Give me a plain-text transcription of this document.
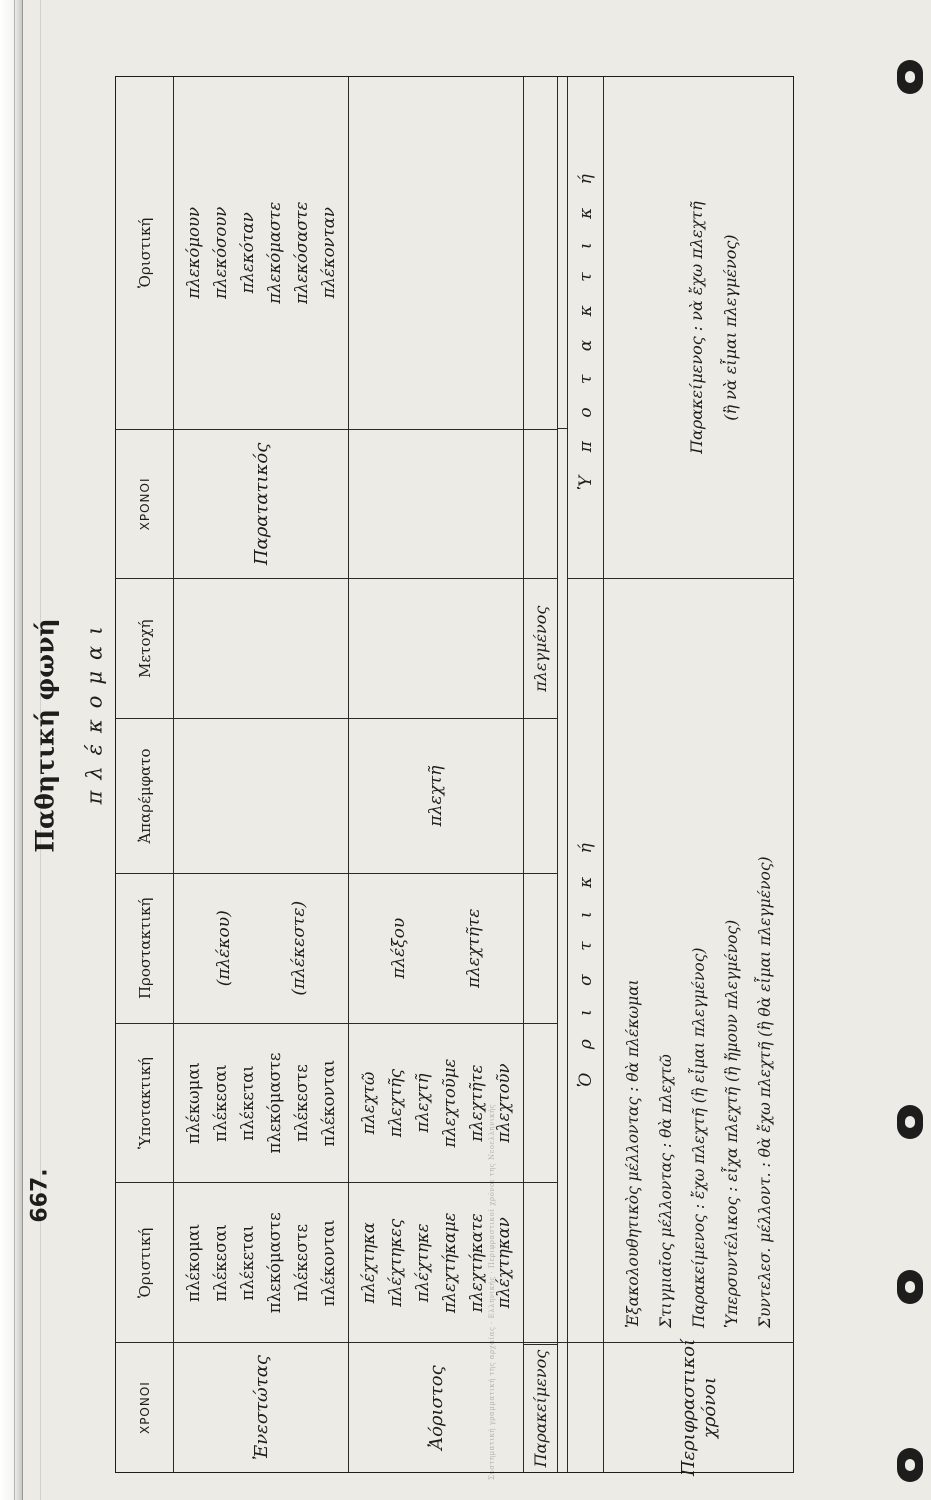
Συστηματική γραμματική της αρχαίας · Ελληνικής · Περιφραστικοί χρόνοι της Νεοελληνικής
667.
Παθητική φωνή πλέκομαι
ΧΡΟΝΟΙ
Ὁριστική
Ὑποτακτική
Προστακτική
Ἀπαρέμφατο
Μετοχή
ΧΡΟΝΟΙ
Ὁριστική
Ἐνεστώτας
πλέκομαι πλέκεσαι πλέκεται πλεκόμαστε πλέκεστε πλέκονται
πλέκωμαι πλέκεσαι πλέκεται πλεκόμαστε πλέκεστε πλέκονται
(πλέκου)	(πλέκεστε)
Παρατατικός
πλεκόμουν πλεκόσουν πλεκόταν πλεκόμαστε πλεκόσαστε πλέκονταν
Ἀόριστος
πλέχτηκα πλέχτηκες πλέχτηκε πλεχτήκαμε πλεχτήκατε πλέχτηκαν
πλεχτῶ πλεχτῆς πλεχτῆ πλεχτοῦμε πλεχτῆτε πλεχτοῦν
πλέξου	πλεχτῆτε
πλεχτῆ
Παρακείμενος
πλεγμένος
Ὁ ρ ι σ τ ι κ ή
Ὑ π ο τ α κ τ ι κ ή
Περιφραστικοί χρόνοι
Ἐξακολουθητικὸς μέλλοντας : θὰ πλέκωμαι Στιγμιαῖος μέλλοντας : θὰ πλεχτῶ Παρακείμενος : ἔχω πλεχτῆ (ἢ εἶμαι πλεγμένος) Ὑπερσυντέλικος : εἶχα πλεχτῆ (ἢ ἤμουν πλεγμένος) Συντελεσ. μέλλοντ. : θὰ ἔχω πλεχτῆ (ἢ θὰ εἶμαι πλεγμένος)
Παρακείμενος : νὰ ἔχω πλεχτῆ (ἢ νὰ εἶμαι πλεγμένος)
